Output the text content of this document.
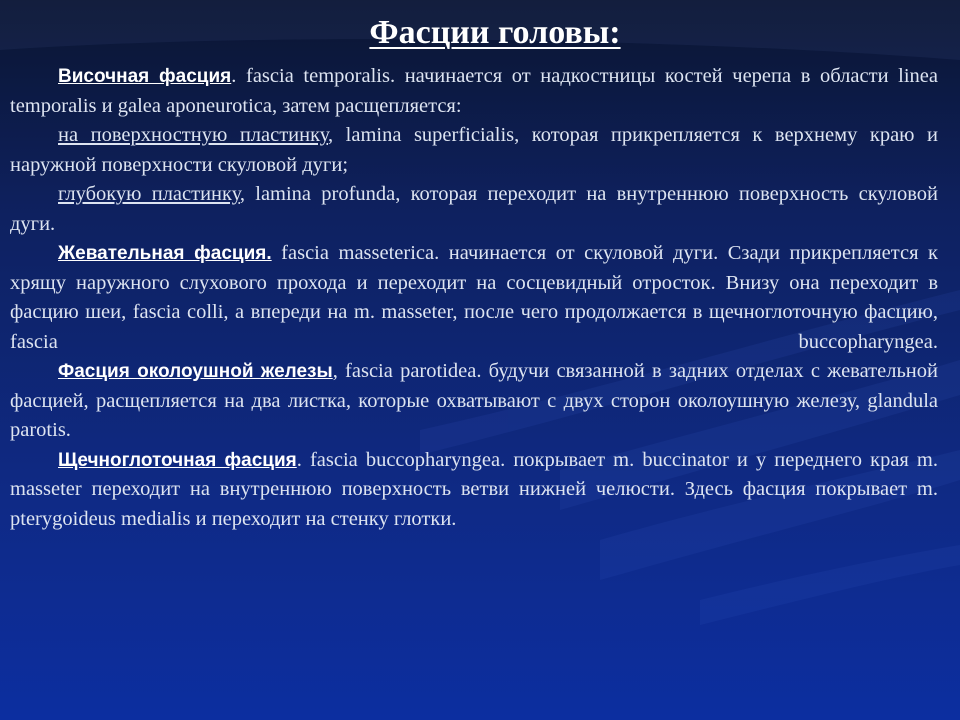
Фасции головы:

Височная фасция. fascia temporalis. начинается от надкостницы костей черепа в области linea temporalis и galea aponeurotica, затем расщепляется:

на поверхностную пластинку, lamina superficialis, которая прикрепляется к верхнему краю и наружной поверхности скуловой дуги;

глубокую пластинку, lamina profunda, которая переходит на внутреннюю поверхность скуловой дуги.

Жевательная фасция. fascia masseterica. начинается от скуловой дуги. Сзади прикрепляется к хрящу наружного слухового прохода и переходит на сосцевидный отросток. Внизу она переходит в фасцию шеи, fascia colli, а впереди на m. masseter, после чего продолжается в щечноглоточную фасцию, fascia buccopharyngea.

Фасция околоушной железы, fascia parotidea. будучи связанной в задних отделах с жевательной фасцией, расщепляется на два листка, которые охватывают с двух сторон околоушную железу, glandula parotis.

Щечноглоточная фасция. fascia buccopharyngea. покрывает m. buccinator и у переднего края m. masseter переходит на внутреннюю поверхность ветви нижней челюсти. Здесь фасция покрывает m. pterygoideus medialis и переходит на стенку глотки.
